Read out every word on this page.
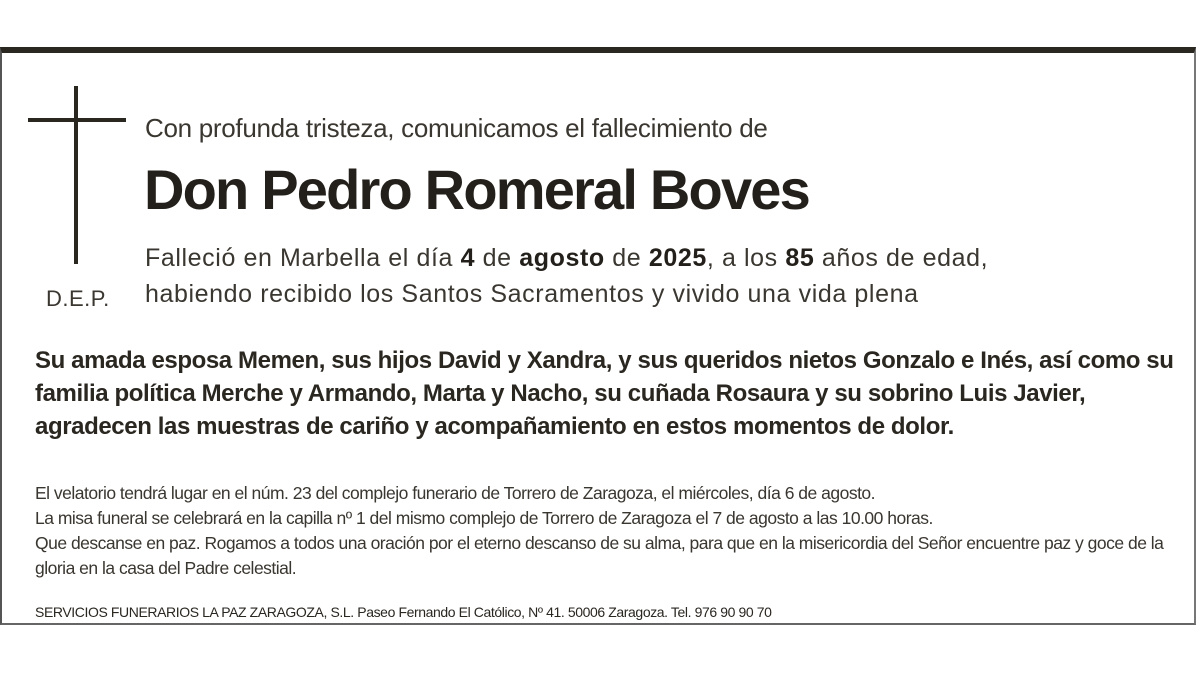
D.E.P.
Con profunda tristeza, comunicamos el fallecimiento de
Don Pedro Romeral Boves
Falleció en Marbella el día 4 de agosto de 2025, a los 85 años de edad,
habiendo recibido los Santos Sacramentos y vivido una vida plena
Su amada esposa Memen, sus hijos David y Xandra, y sus queridos nietos Gonzalo e Inés, así como su familia política Merche y Armando, Marta y Nacho, su cuñada Rosaura y su sobrino Luis Javier, agradecen las muestras de cariño y acompañamiento en estos momentos de dolor.
El velatorio tendrá lugar en el núm. 23 del complejo funerario de Torrero de Zaragoza, el miércoles, día 6 de agosto.
La misa funeral se celebrará en la capilla nº 1 del mismo complejo de Torrero de Zaragoza el 7 de agosto a las 10.00 horas.
Que descanse en paz. Rogamos a todos una oración por el eterno descanso de su alma, para que en la misericordia del Señor encuentre paz y goce de la gloria en la casa del Padre celestial.
SERVICIOS FUNERARIOS LA PAZ ZARAGOZA, S.L. Paseo Fernando El Católico, Nº 41. 50006 Zaragoza. Tel. 976 90 90 70
